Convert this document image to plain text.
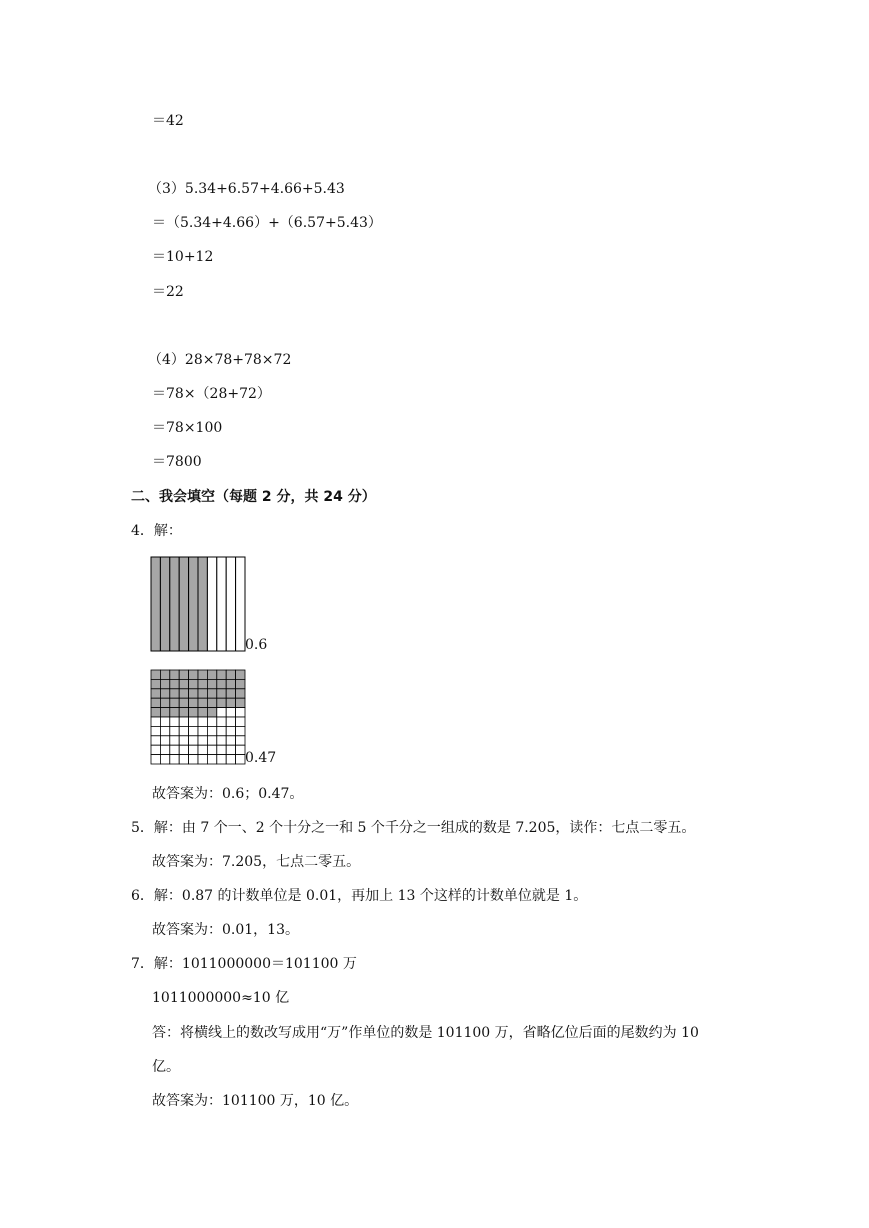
＝42
（3）5.34+6.57+4.66+5.43
＝（5.34+4.66）+（6.57+5.43）
＝10+12
＝22
（4）28×78+78×72
＝78×（28+72）
＝78×100
＝7800
二、我会填空（每题 2 分，共 24 分）
4．解：
0.6
0.47
故答案为：0.6；0.47。
5．解：由 7 个一、2 个十分之一和 5 个千分之一组成的数是 7.205，读作：七点二零五。
故答案为：7.205，七点二零五。
6．解：0.87 的计数单位是 0.01，再加上 13 个这样的计数单位就是 1。
故答案为：0.01，13。
7．解：1011000000＝101100 万
1011000000≈10 亿
答：将横线上的数改写成用“万”作单位的数是 101100 万，省略亿位后面的尾数约为 10
亿。
故答案为：101100 万，10 亿。
